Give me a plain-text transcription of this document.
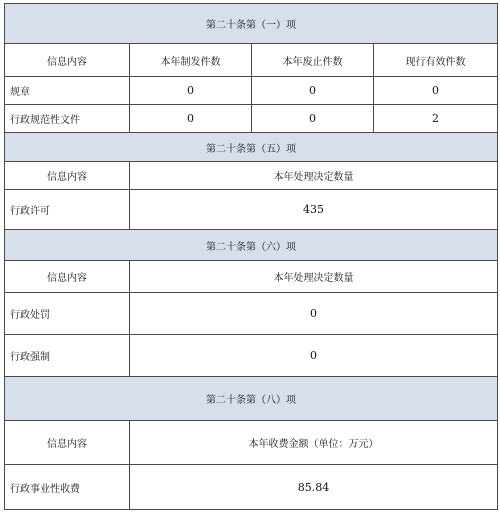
第二十条第（一）项			
信息内容	本年制发件数	本年废止件数	现行有效件数
规章	0	0	0
行政规范性文件	0	0	2
第二十条第（五）项			
信息内容	本年处理决定数量		
行政许可	435		
第二十条第（六）项			
信息内容	本年处理决定数量		
行政处罚	0		
行政强制	0		
第二十条第（八）项			
信息内容	本年收费金额（单位：万元）		
行政事业性收费	85.84		
